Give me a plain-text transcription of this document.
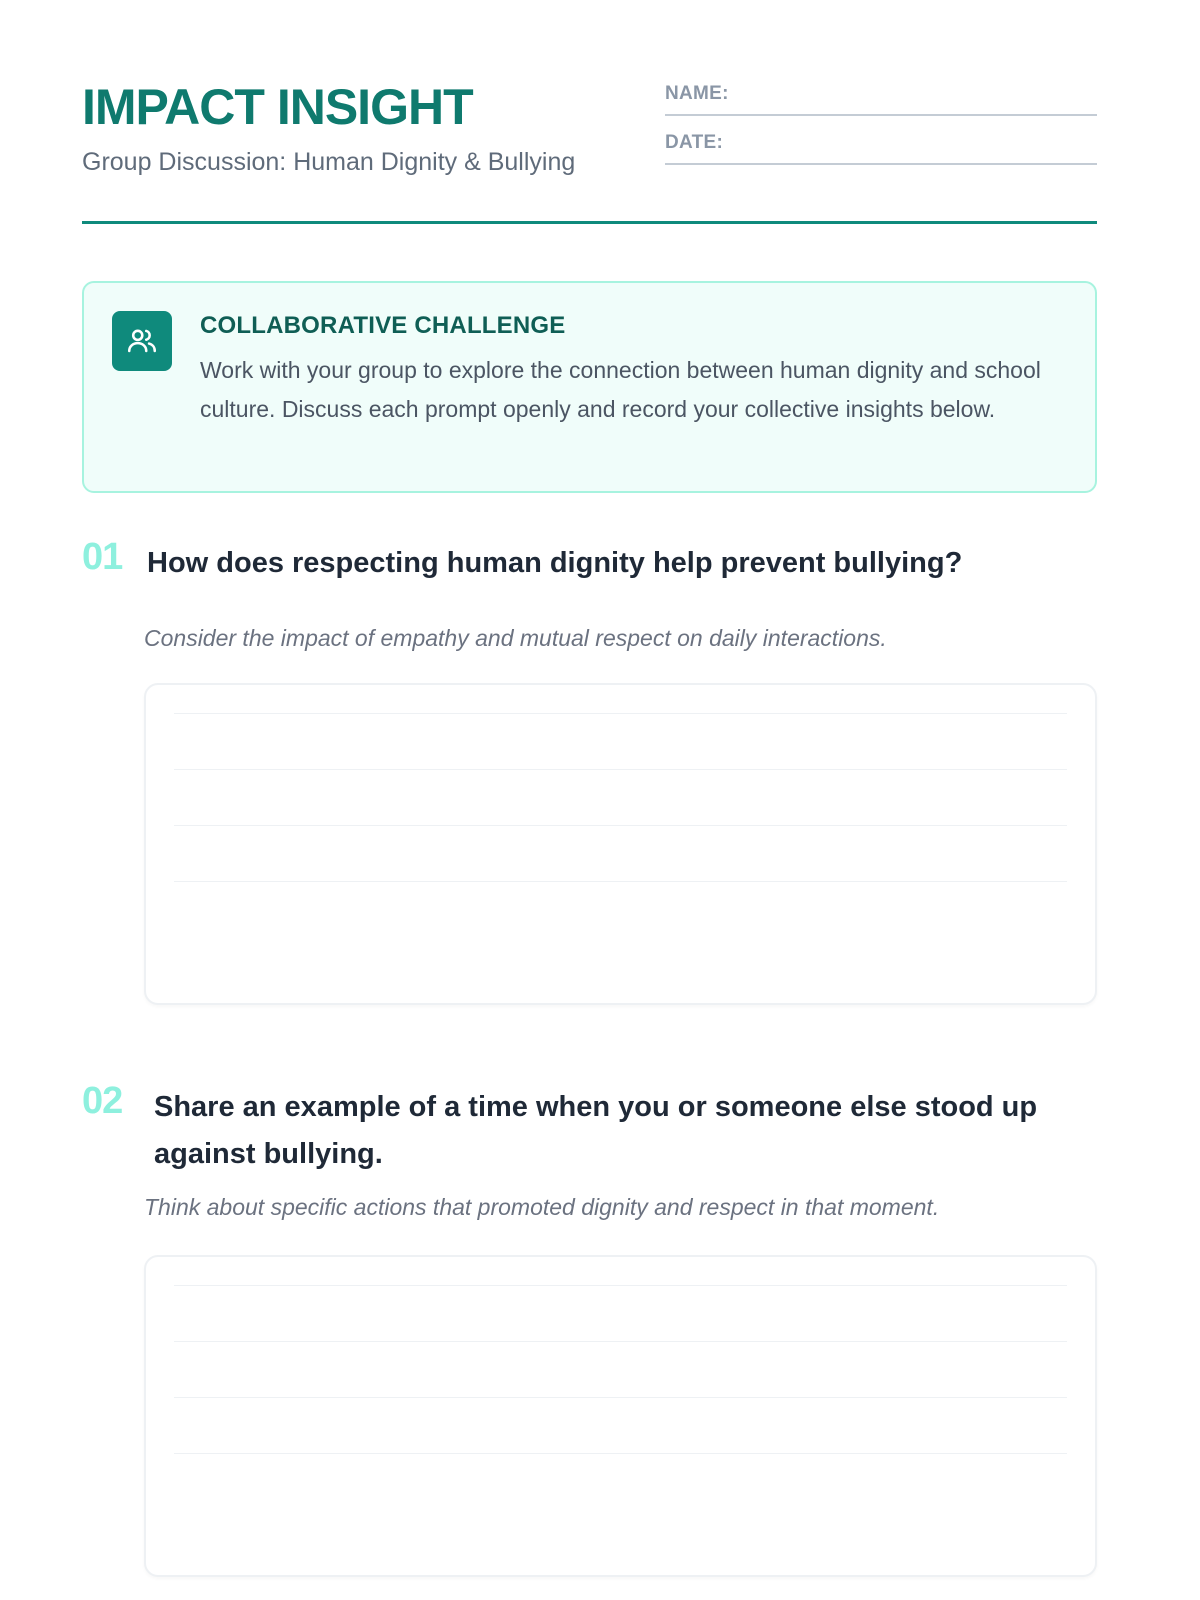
IMPACT INSIGHT
Group Discussion: Human Dignity & Bullying
NAME:
DATE:
COLLABORATIVE CHALLENGE
Work with your group to explore the connection between human dignity and school culture. Discuss each prompt openly and record your collective insights below.
01 How does respecting human dignity help prevent bullying?
Consider the impact of empathy and mutual respect on daily interactions.
02 Share an example of a time when you or someone else stood up against bullying.
Think about specific actions that promoted dignity and respect in that moment.
